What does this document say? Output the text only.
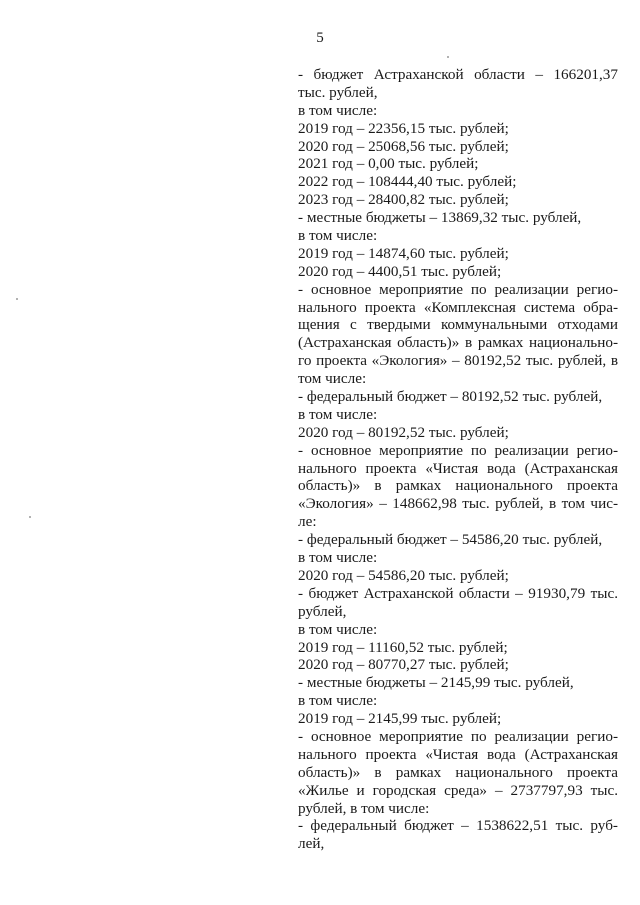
5
- бюджет Астраханской области – 166201,37
тыс. рублей,
в том числе:
2019 год – 22356,15 тыс. рублей;
2020 год – 25068,56 тыс. рублей;
2021 год – 0,00 тыс. рублей;
2022 год – 108444,40 тыс. рублей;
2023 год – 28400,82 тыс. рублей;
- местные бюджеты – 13869,32 тыс. рублей,
в том числе:
2019 год – 14874,60 тыс. рублей;
2020 год – 4400,51 тыс. рублей;
- основное мероприятие по реализации регио-
нального проекта «Комплексная система обра-
щения с твердыми коммунальными отходами
(Астраханская область)» в рамках национально-
го проекта «Экология» – 80192,52 тыс. рублей, в
том числе:
- федеральный бюджет – 80192,52 тыс. рублей,
в том числе:
2020 год – 80192,52 тыс. рублей;
- основное мероприятие по реализации регио-
нального проекта «Чистая вода (Астраханская
область)» в рамках национального проекта
«Экология» – 148662,98 тыс. рублей, в том чис-
ле:
- федеральный бюджет – 54586,20 тыс. рублей,
в том числе:
2020 год – 54586,20 тыс. рублей;
- бюджет Астраханской области – 91930,79 тыс.
рублей,
в том числе:
2019 год – 11160,52 тыс. рублей;
2020 год – 80770,27 тыс. рублей;
- местные бюджеты – 2145,99 тыс. рублей,
в том числе:
2019 год – 2145,99 тыс. рублей;
- основное мероприятие по реализации регио-
нального проекта «Чистая вода (Астраханская
область)» в рамках национального проекта
«Жилье и городская среда» – 2737797,93 тыс.
рублей, в том числе:
- федеральный бюджет – 1538622,51 тыс. руб-
лей,
